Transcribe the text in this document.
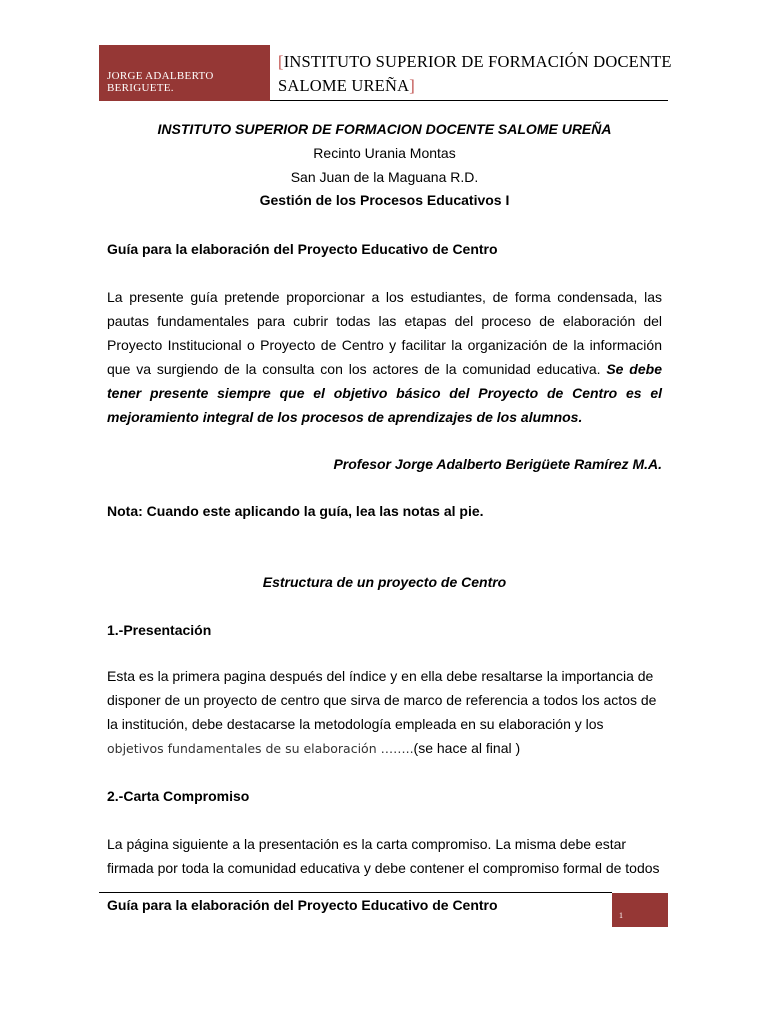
JORGE ADALBERTO
BERIGUETE.
[INSTITUTO SUPERIOR DE FORMACIÓN DOCENTE
SALOME UREÑA]
INSTITUTO SUPERIOR DE FORMACION DOCENTE SALOME UREÑA
Recinto Urania Montas
San Juan de la Maguana R.D.
Gestión de los Procesos Educativos I
Guía para la elaboración del Proyecto Educativo de Centro
La presente guía pretende proporcionar a los estudiantes, de forma condensada, las pautas fundamentales para cubrir todas las etapas del proceso de elaboración del Proyecto Institucional o Proyecto de Centro y facilitar la organización de la información que va surgiendo de la consulta con los actores de la comunidad educativa. Se debe tener presente siempre que el objetivo básico del Proyecto de Centro es el mejoramiento integral de los procesos de aprendizajes de los alumnos.
Profesor Jorge Adalberto Berigüete Ramírez M.A.
Nota: Cuando este aplicando la guía, lea las notas al pie.
Estructura de un proyecto de Centro
1.-Presentación
Esta es la primera pagina después del índice y en ella debe resaltarse la importancia de
disponer de un proyecto de centro que sirva de marco de referencia a todos los actos de
la institución, debe destacarse la metodología empleada en su elaboración y los
objetivos fundamentales de su elaboración ……..(se hace al final )
2.-Carta Compromiso
La página siguiente a la presentación es la carta compromiso. La misma debe estar
firmada por toda la comunidad educativa y debe contener el compromiso formal de todos
Guía para la elaboración del Proyecto Educativo de Centro
1
